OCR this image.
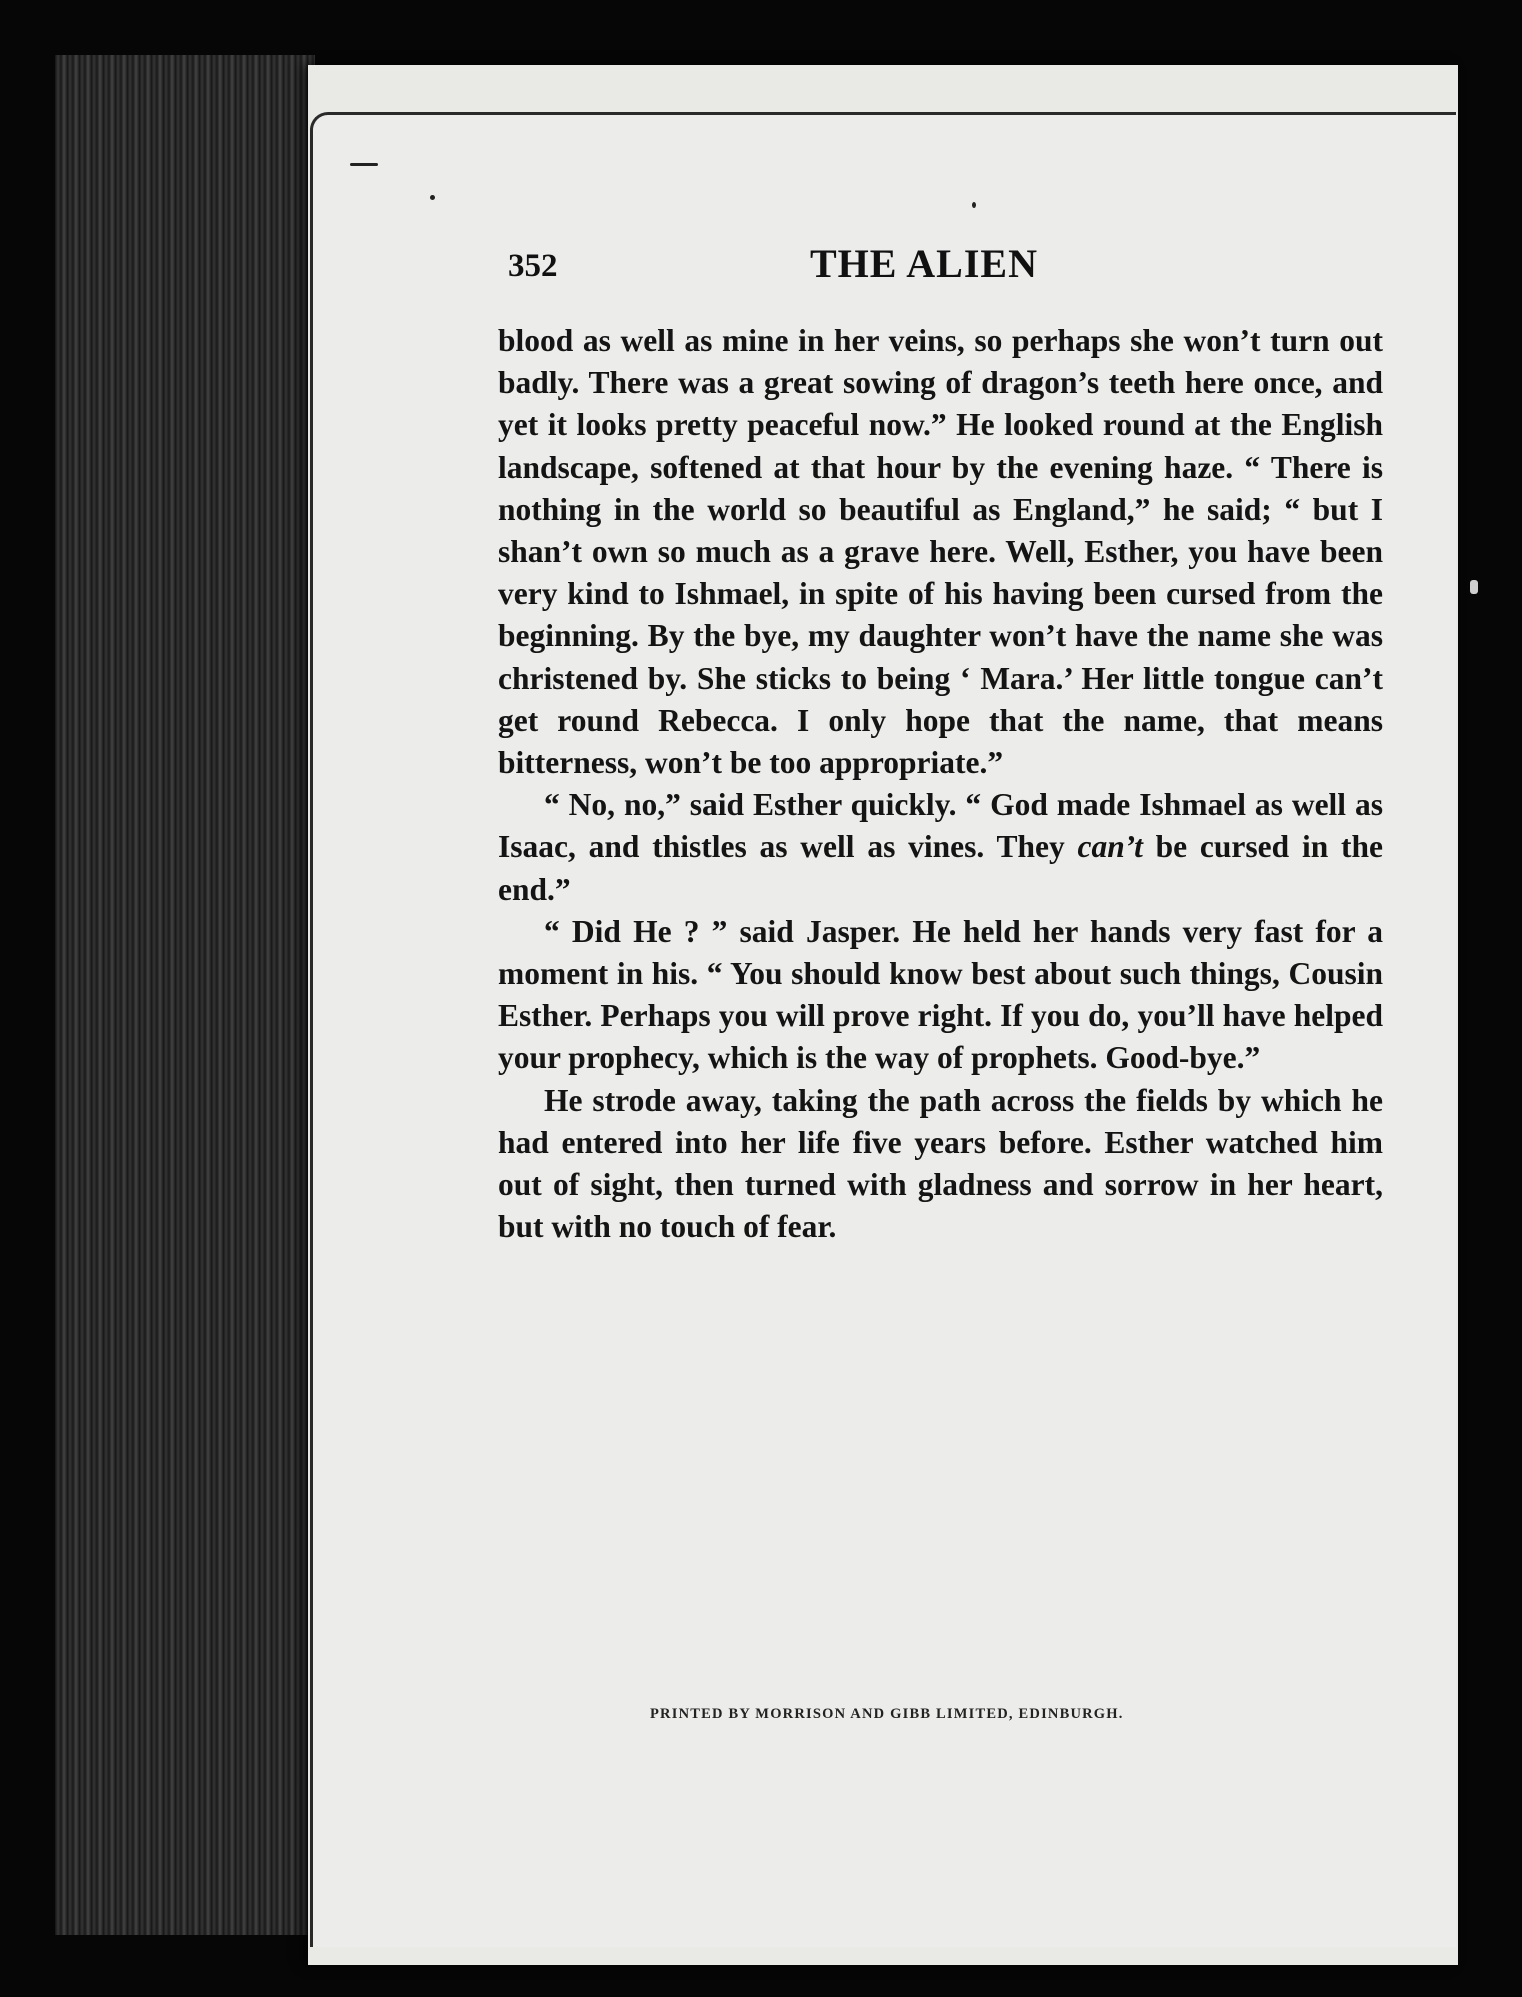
352	THE ALIEN

blood as well as mine in her veins, so perhaps she won’t turn out badly. There was a great sowing of dragon’s teeth here once, and yet it looks pretty peaceful now.” He looked round at the English landscape, softened at that hour by the evening haze. “ There is nothing in the world so beautiful as England,” he said; “ but I shan’t own so much as a grave here. Well, Esther, you have been very kind to Ishmael, in spite of his having been cursed from the beginning. By the bye, my daughter won’t have the name she was christened by. She sticks to being ‘ Mara.’ Her little tongue can’t get round Rebecca. I only hope that the name, that means bitterness, won’t be too appropriate.”

“ No, no,” said Esther quickly. “ God made Ishmael as well as Isaac, and thistles as well as vines. They can’t be cursed in the end.”

“ Did He ? ” said Jasper. He held her hands very fast for a moment in his. “ You should know best about such things, Cousin Esther. Perhaps you will prove right. If you do, you’ll have helped your prophecy, which is the way of prophets. Good-bye.”

He strode away, taking the path across the fields by which he had entered into her life five years before. Esther watched him out of sight, then turned with gladness and sorrow in her heart, but with no touch of fear.

PRINTED BY MORRISON AND GIBB LIMITED, EDINBURGH.
